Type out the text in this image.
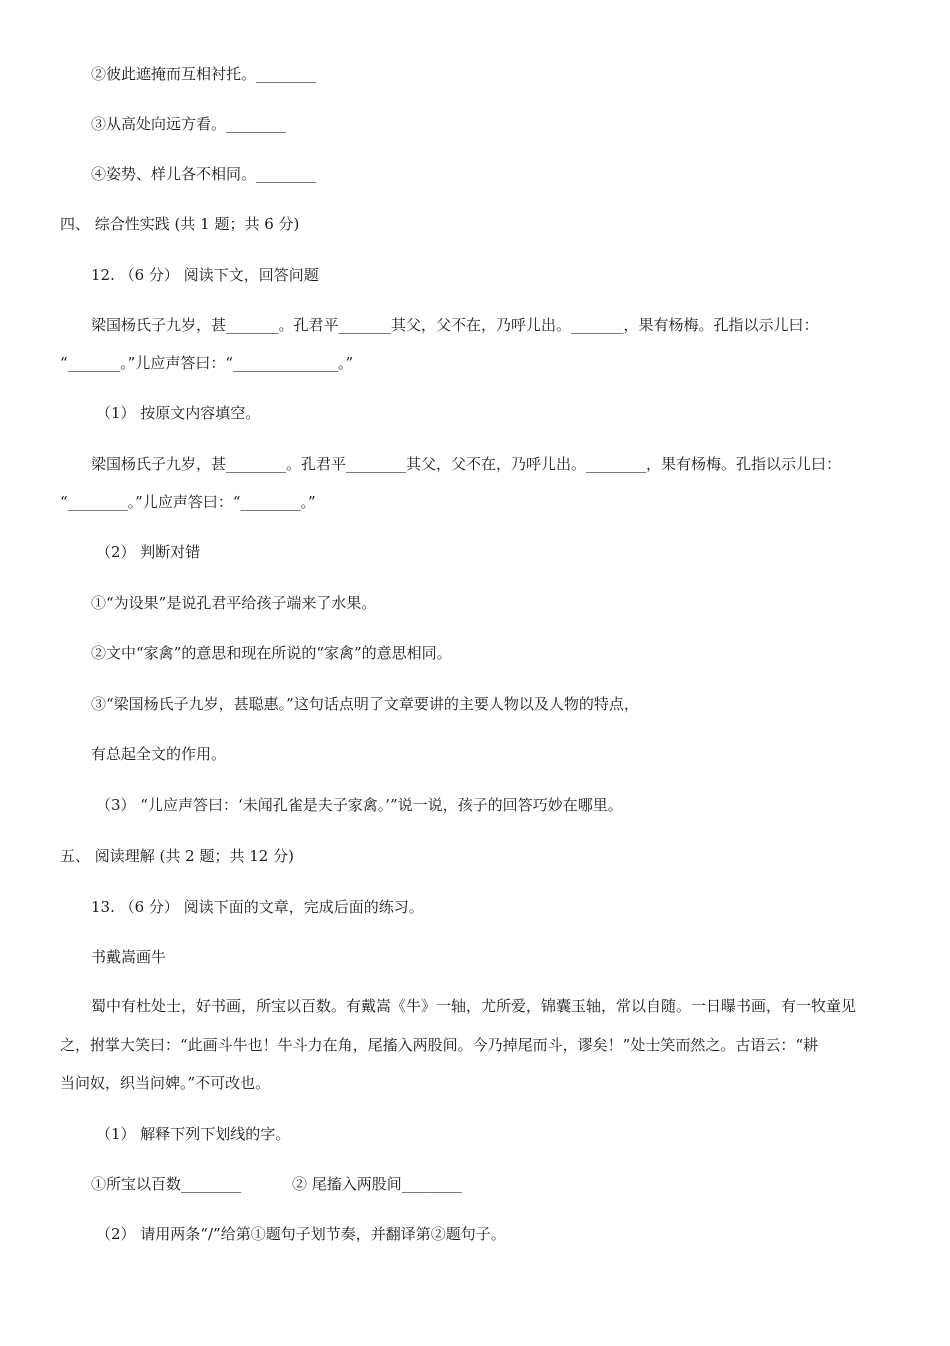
②彼此遮掩而互相衬托。________
③从高处向远方看。________
④姿势、样儿各不相同。________
四、 综合性实践 (共 1 题；共 6 分)
12. （6 分） 阅读下文，回答问题
梁国杨氏子九岁，甚_______。孔君平_______其父，父不在，乃呼儿出。_______，果有杨梅。孔指以示儿曰：
“_______。”儿应声答曰：“______________。”
（1） 按原文内容填空。
梁国杨氏子九岁，甚________。孔君平________其父，父不在，乃呼儿出。________，果有杨梅。孔指以示儿曰：
“________。”儿应声答曰：“________。”
（2） 判断对错
①“为设果”是说孔君平给孩子端来了水果。
②文中“家禽”的意思和现在所说的“家禽”的意思相同。
③“梁国杨氏子九岁，甚聪惠。”这句话点明了文章要讲的主要人物以及人物的特点，
有总起全文的作用。
（3） “儿应声答曰：‘未闻孔雀是夫子家禽。’”说一说，孩子的回答巧妙在哪里。
五、 阅读理解 (共 2 题；共 12 分)
13. （6 分） 阅读下面的文章，完成后面的练习。
书戴嵩画牛
蜀中有杜处士，好书画，所宝以百数。有戴嵩《牛》一轴，尤所爱，锦囊玉轴，常以自随。一日曝书画，有一牧童见
之，拊掌大笑曰：“此画斗牛也！牛斗力在角，尾搐入两股间。今乃掉尾而斗，谬矣！”处士笑而然之。古语云：“耕
当问奴，织当问婢。”不可改也。
（1） 解释下列下划线的字。
①所宝以百数________	② 尾搐入两股间________
（2） 请用两条“/”给第①题句子划节奏，并翻译第②题句子。
